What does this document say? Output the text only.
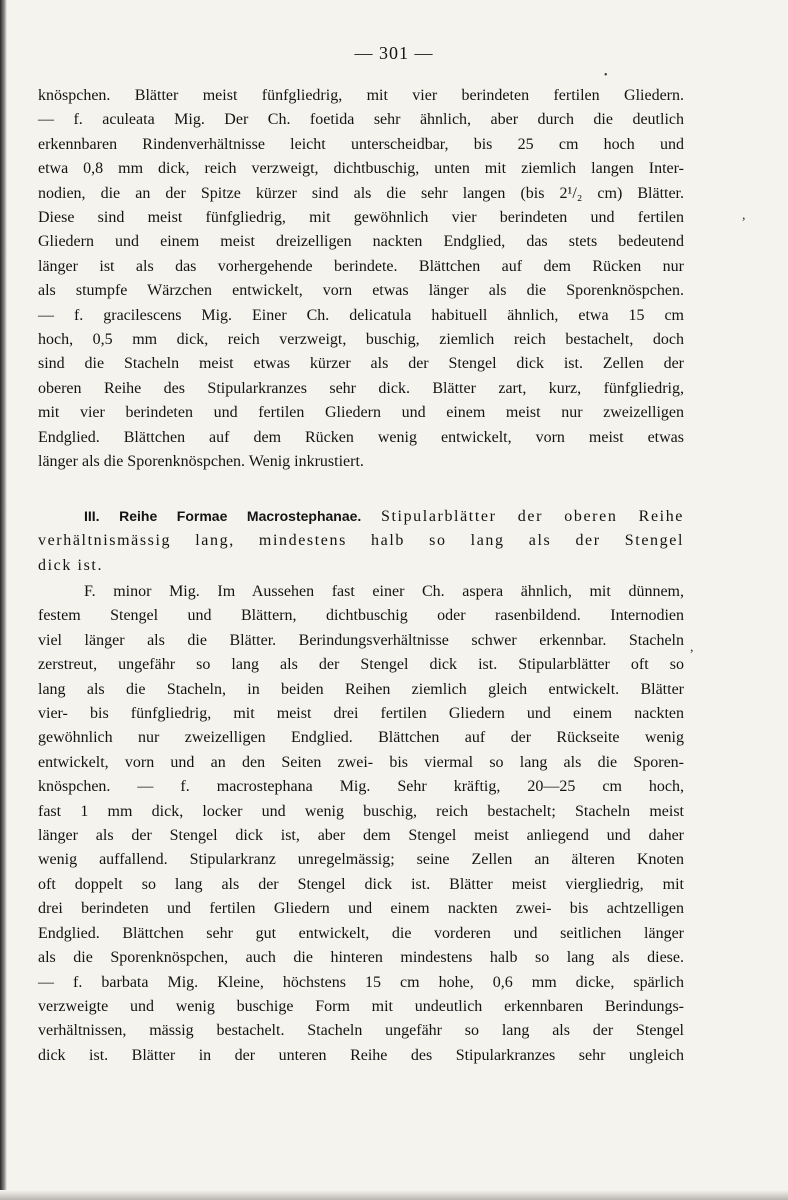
— 301 —
knöspchen. Blätter meist fünfgliedrig, mit vier berindeten fertilen Gliedern.
— f. aculeata Mig. Der Ch. foetida sehr ähnlich, aber durch die deutlich
erkennbaren Rindenverhältnisse leicht unterscheidbar, bis 25 cm hoch und
etwa 0,8 mm dick, reich verzweigt, dichtbuschig, unten mit ziemlich langen Inter-
nodien, die an der Spitze kürzer sind als die sehr langen (bis 2¹/₂ cm) Blätter.
Diese sind meist fünfgliedrig, mit gewöhnlich vier berindeten und fertilen
Gliedern und einem meist dreizelligen nackten Endglied, das stets bedeutend
länger ist als das vorhergehende berindete. Blättchen auf dem Rücken nur
als stumpfe Wärzchen entwickelt, vorn etwas länger als die Sporenknöspchen.
— f. gracilescens Mig. Einer Ch. delicatula habituell ähnlich, etwa 15 cm
hoch, 0,5 mm dick, reich verzweigt, buschig, ziemlich reich bestachelt, doch
sind die Stacheln meist etwas kürzer als der Stengel dick ist. Zellen der
oberen Reihe des Stipularkranzes sehr dick. Blätter zart, kurz, fünfgliedrig,
mit vier berindeten und fertilen Gliedern und einem meist nur zweizelligen
Endglied. Blättchen auf dem Rücken wenig entwickelt, vorn meist etwas
länger als die Sporenknöspchen. Wenig inkrustiert.
III. Reihe Formae Macrostephanae. Stipularblätter der oberen Reihe
verhältnismässig lang, mindestens halb so lang als der Stengel
dick ist.
F. minor Mig. Im Aussehen fast einer Ch. aspera ähnlich, mit dünnem,
festem Stengel und Blättern, dichtbuschig oder rasenbildend. Internodien
viel länger als die Blätter. Berindungsverhältnisse schwer erkennbar. Stacheln
zerstreut, ungefähr so lang als der Stengel dick ist. Stipularblätter oft so
lang als die Stacheln, in beiden Reihen ziemlich gleich entwickelt. Blätter
vier- bis fünfgliedrig, mit meist drei fertilen Gliedern und einem nackten
gewöhnlich nur zweizelligen Endglied. Blättchen auf der Rückseite wenig
entwickelt, vorn und an den Seiten zwei- bis viermal so lang als die Sporen-
knöspchen. — f. macrostephana Mig. Sehr kräftig, 20—25 cm hoch,
fast 1 mm dick, locker und wenig buschig, reich bestachelt; Stacheln meist
länger als der Stengel dick ist, aber dem Stengel meist anliegend und daher
wenig auffallend. Stipularkranz unregelmässig; seine Zellen an älteren Knoten
oft doppelt so lang als der Stengel dick ist. Blätter meist viergliedrig, mit
drei berindeten und fertilen Gliedern und einem nackten zwei- bis achtzelligen
Endglied. Blättchen sehr gut entwickelt, die vorderen und seitlichen länger
als die Sporenknöspchen, auch die hinteren mindestens halb so lang als diese.
— f. barbata Mig. Kleine, höchstens 15 cm hohe, 0,6 mm dicke, spärlich
verzweigte und wenig buschige Form mit undeutlich erkennbaren Berindungs-
verhältnissen, mässig bestachelt. Stacheln ungefähr so lang als der Stengel
dick ist. Blätter in der unteren Reihe des Stipularkranzes sehr ungleich
,
,
•
